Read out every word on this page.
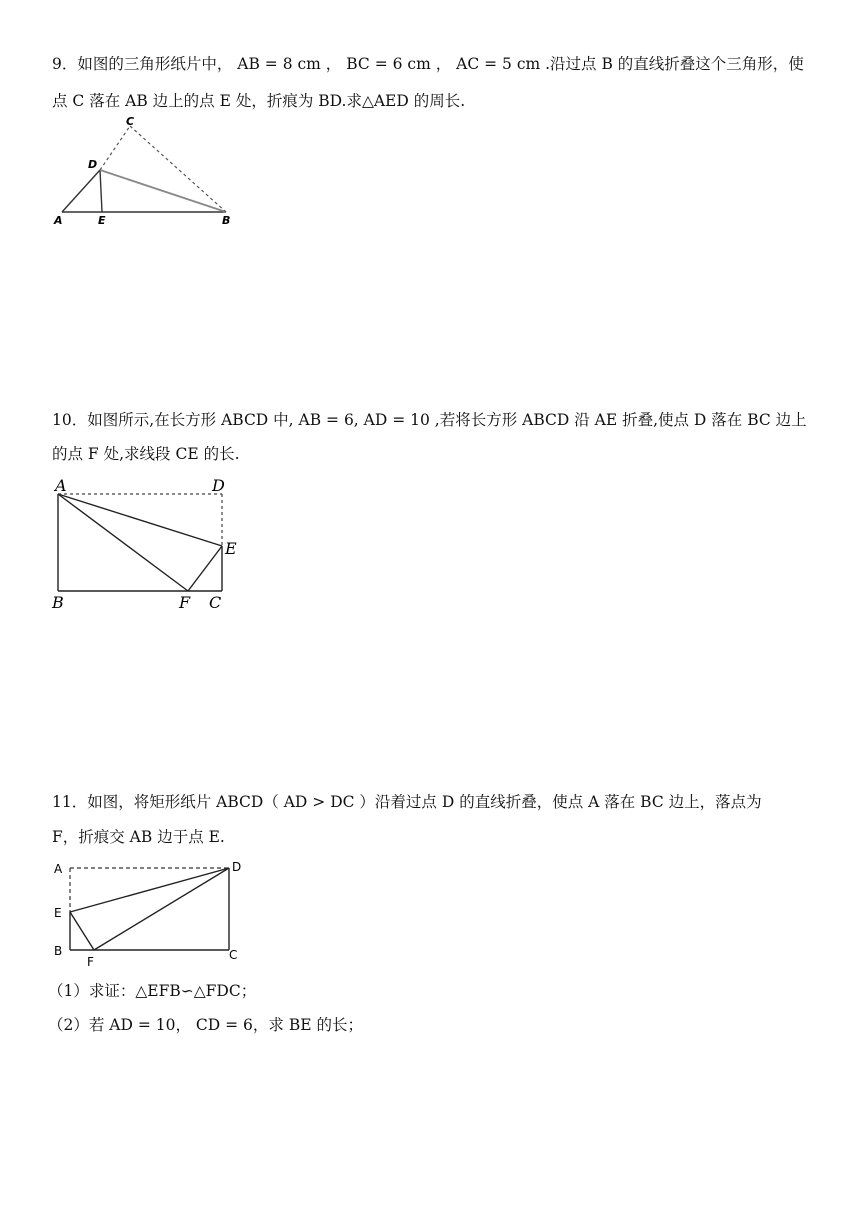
9．如图的三角形纸片中， AB = 8 cm ， BC = 6 cm ， AC = 5 cm .沿过点 B 的直线折叠这个三角形，使
点 C 落在 AB 边上的点 E 处，折痕为 BD.求△AED 的周长.
C
D
A	E	B
10．如图所示,在长方形 ABCD 中, AB = 6, AD = 10 ,若将长方形 ABCD 沿 AE 折叠,使点 D 落在 BC 边上
的点 F 处,求线段 CE 的长.
A	D
E
B	F C
11．如图，将矩形纸片 ABCD（ AD > DC ）沿着过点 D 的直线折叠，使点 A 落在 BC 边上，落点为
F，折痕交 AB 边于点 E.
A	D
E
B
F	C
（1）求证：△EFB∽△FDC；
（2）若 AD = 10， CD = 6，求 BE 的长；
